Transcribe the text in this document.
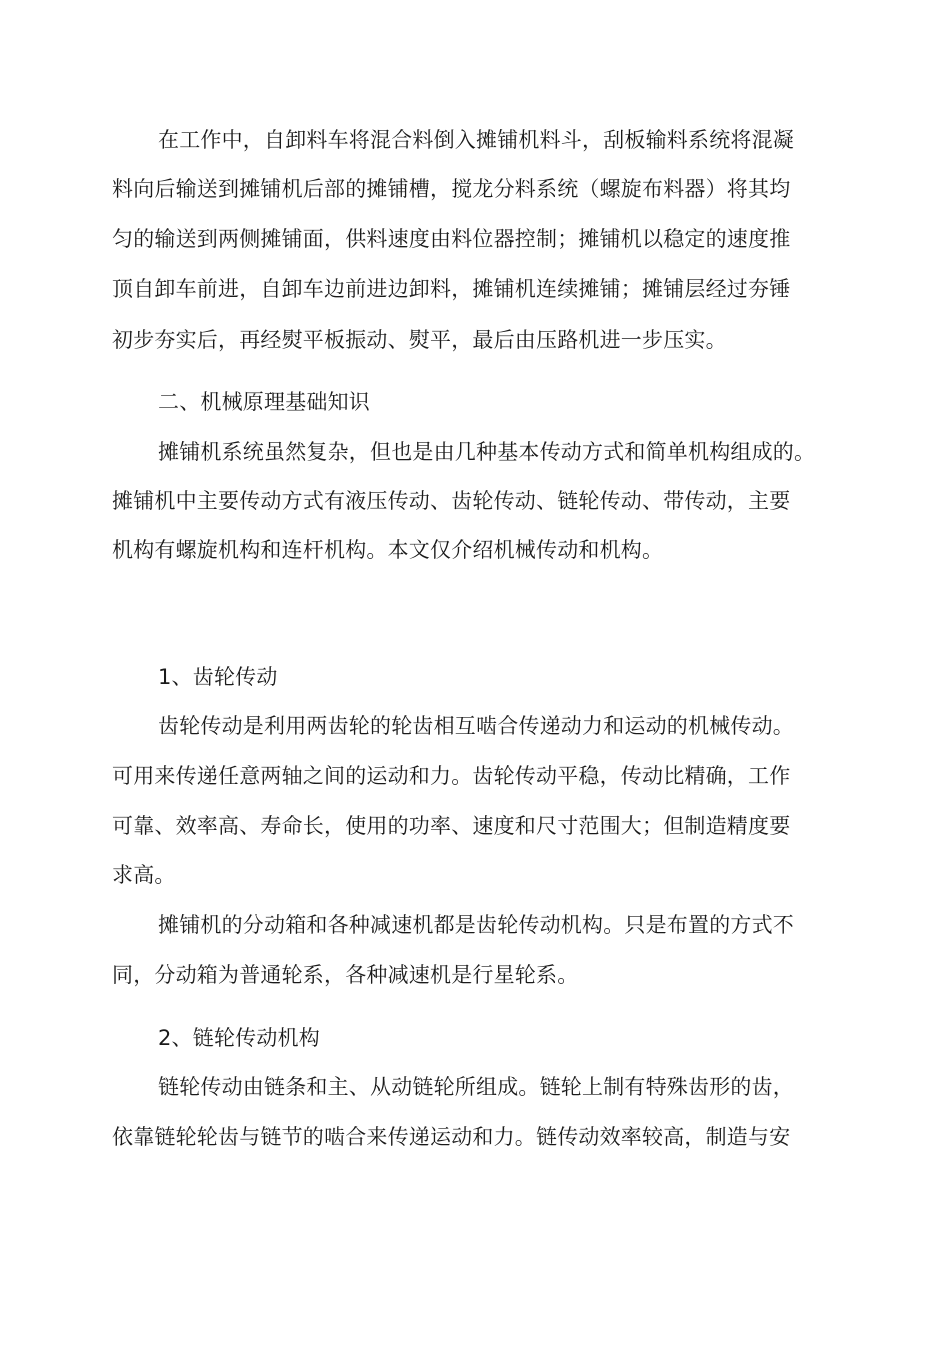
在工作中，自卸料车将混合料倒入摊铺机料斗，刮板输料系统将混凝
料向后输送到摊铺机后部的摊铺槽，搅龙分料系统（螺旋布料器）将其均
匀的输送到两侧摊铺面，供料速度由料位器控制；摊铺机以稳定的速度推
顶自卸车前进，自卸车边前进边卸料，摊铺机连续摊铺；摊铺层经过夯锤
初步夯实后，再经熨平板振动、熨平，最后由压路机进一步压实。
二、机械原理基础知识
摊铺机系统虽然复杂，但也是由几种基本传动方式和简单机构组成的。
摊铺机中主要传动方式有液压传动、齿轮传动、链轮传动、带传动，主要
机构有螺旋机构和连杆机构。本文仅介绍机械传动和机构。
1、齿轮传动
齿轮传动是利用两齿轮的轮齿相互啮合传递动力和运动的机械传动。
可用来传递任意两轴之间的运动和力。齿轮传动平稳，传动比精确，工作
可靠、效率高、寿命长，使用的功率、速度和尺寸范围大；但制造精度要
求高。
摊铺机的分动箱和各种减速机都是齿轮传动机构。只是布置的方式不
同，分动箱为普通轮系，各种减速机是行星轮系。
2、链轮传动机构
链轮传动由链条和主、从动链轮所组成。链轮上制有特殊齿形的齿，
依靠链轮轮齿与链节的啮合来传递运动和力。链传动效率较高，制造与安
